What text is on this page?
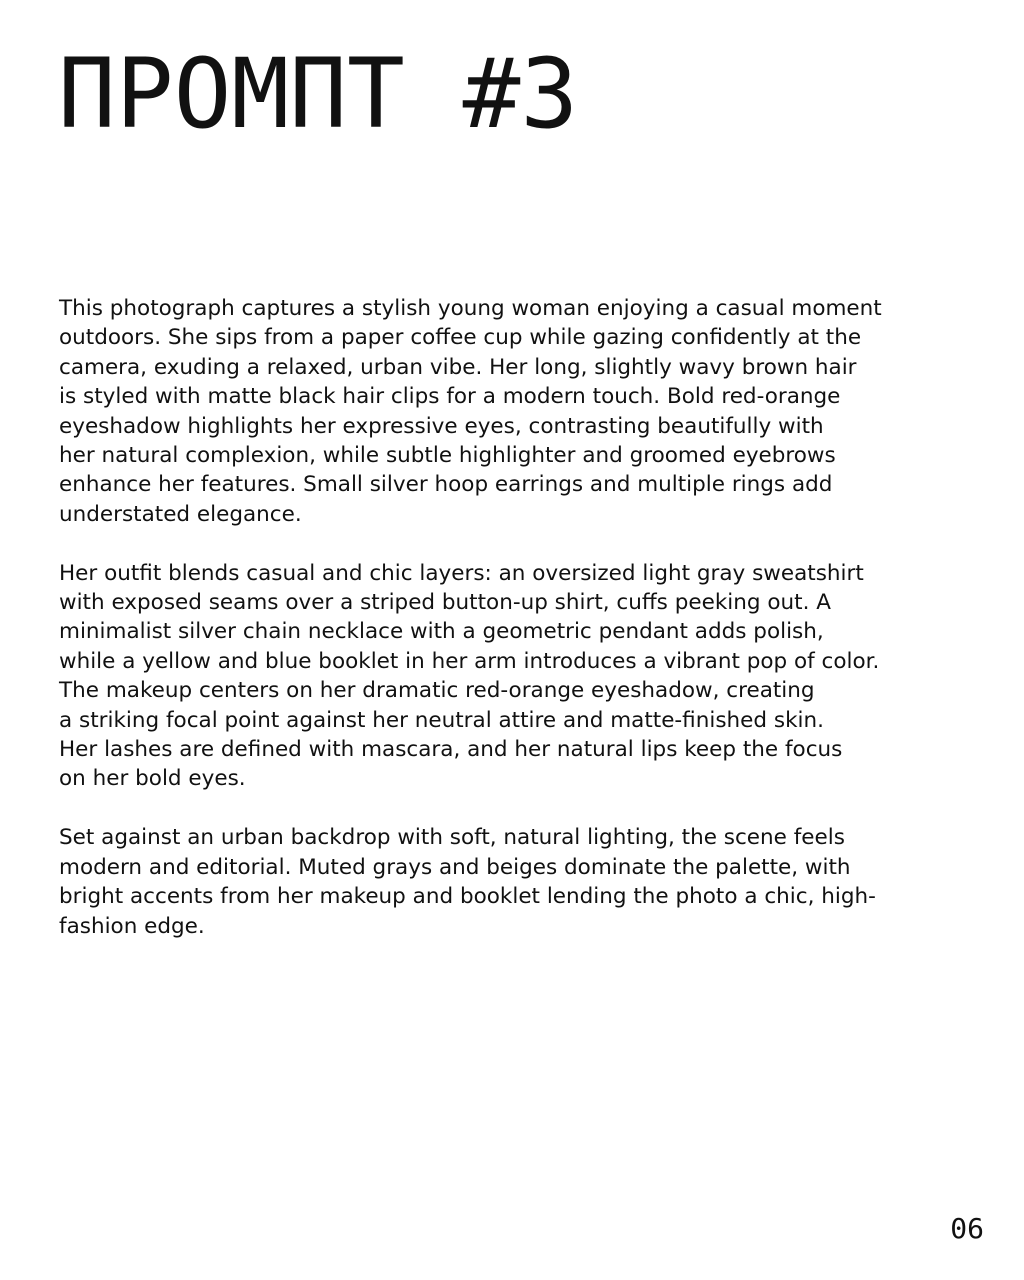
ПРОМПТ #3

This photograph captures a stylish young woman enjoying a casual moment
outdoors. She sips from a paper coffee cup while gazing confidently at the
camera, exuding a relaxed, urban vibe. Her long, slightly wavy brown hair
is styled with matte black hair clips for a modern touch. Bold red-orange
eyeshadow highlights her expressive eyes, contrasting beautifully with
her natural complexion, while subtle highlighter and groomed eyebrows
enhance her features. Small silver hoop earrings and multiple rings add
understated elegance.

Her outfit blends casual and chic layers: an oversized light gray sweatshirt
with exposed seams over a striped button-up shirt, cuffs peeking out. A
minimalist silver chain necklace with a geometric pendant adds polish,
while a yellow and blue booklet in her arm introduces a vibrant pop of color.
The makeup centers on her dramatic red-orange eyeshadow, creating
a striking focal point against her neutral attire and matte-finished skin.
Her lashes are defined with mascara, and her natural lips keep the focus
on her bold eyes.

Set against an urban backdrop with soft, natural lighting, the scene feels
modern and editorial. Muted grays and beiges dominate the palette, with
bright accents from her makeup and booklet lending the photo a chic, high-
fashion edge.

06
